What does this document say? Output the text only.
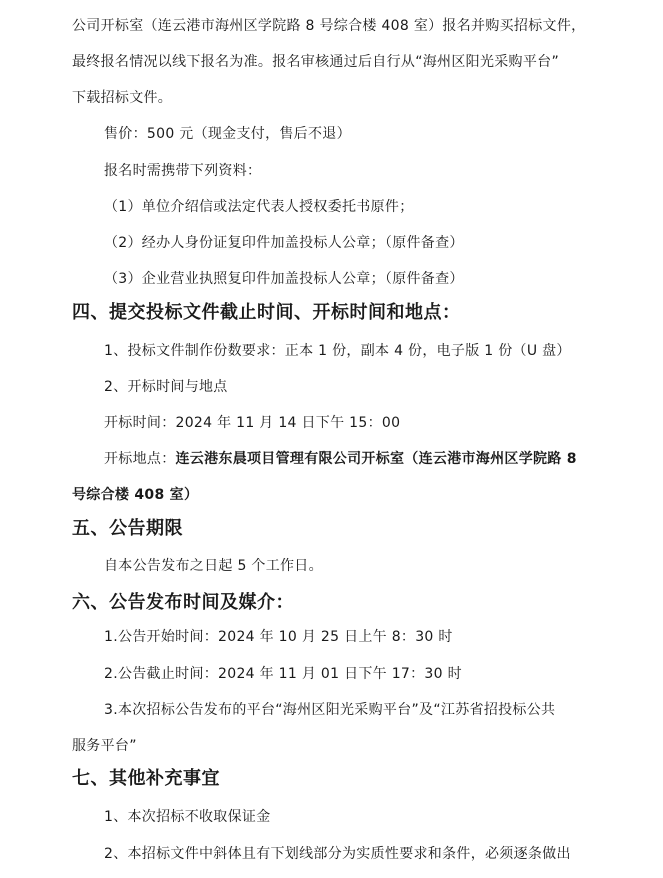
公司开标室（连云港市海州区学院路 8 号综合楼 408 室）报名并购买招标文件，
最终报名情况以线下报名为准。报名审核通过后自行从“海州区阳光采购平台”
下载招标文件。
售价：500 元（现金支付，售后不退）
报名时需携带下列资料：
（1）单位介绍信或法定代表人授权委托书原件；
（2）经办人身份证复印件加盖投标人公章；（原件备查）
（3）企业营业执照复印件加盖投标人公章；（原件备查）
四、提交投标文件截止时间、开标时间和地点：
1、投标文件制作份数要求：正本 1 份，副本 4 份，电子版 1 份（U 盘）
2、开标时间与地点
开标时间：2024 年 11 月 14 日下午 15：00
开标地点：连云港东晨项目管理有限公司开标室（连云港市海州区学院路 8
号综合楼 408 室）
五、公告期限
自本公告发布之日起 5 个工作日。
六、公告发布时间及媒介：
1.公告开始时间：2024 年 10 月 25 日上午 8：30 时
2.公告截止时间：2024 年 11 月 01 日下午 17：30 时
3.本次招标公告发布的平台“海州区阳光采购平台”及“江苏省招投标公共
服务平台”
七、其他补充事宜
1、本次招标不收取保证金
2、本招标文件中斜体且有下划线部分为实质性要求和条件，必须逐条做出
